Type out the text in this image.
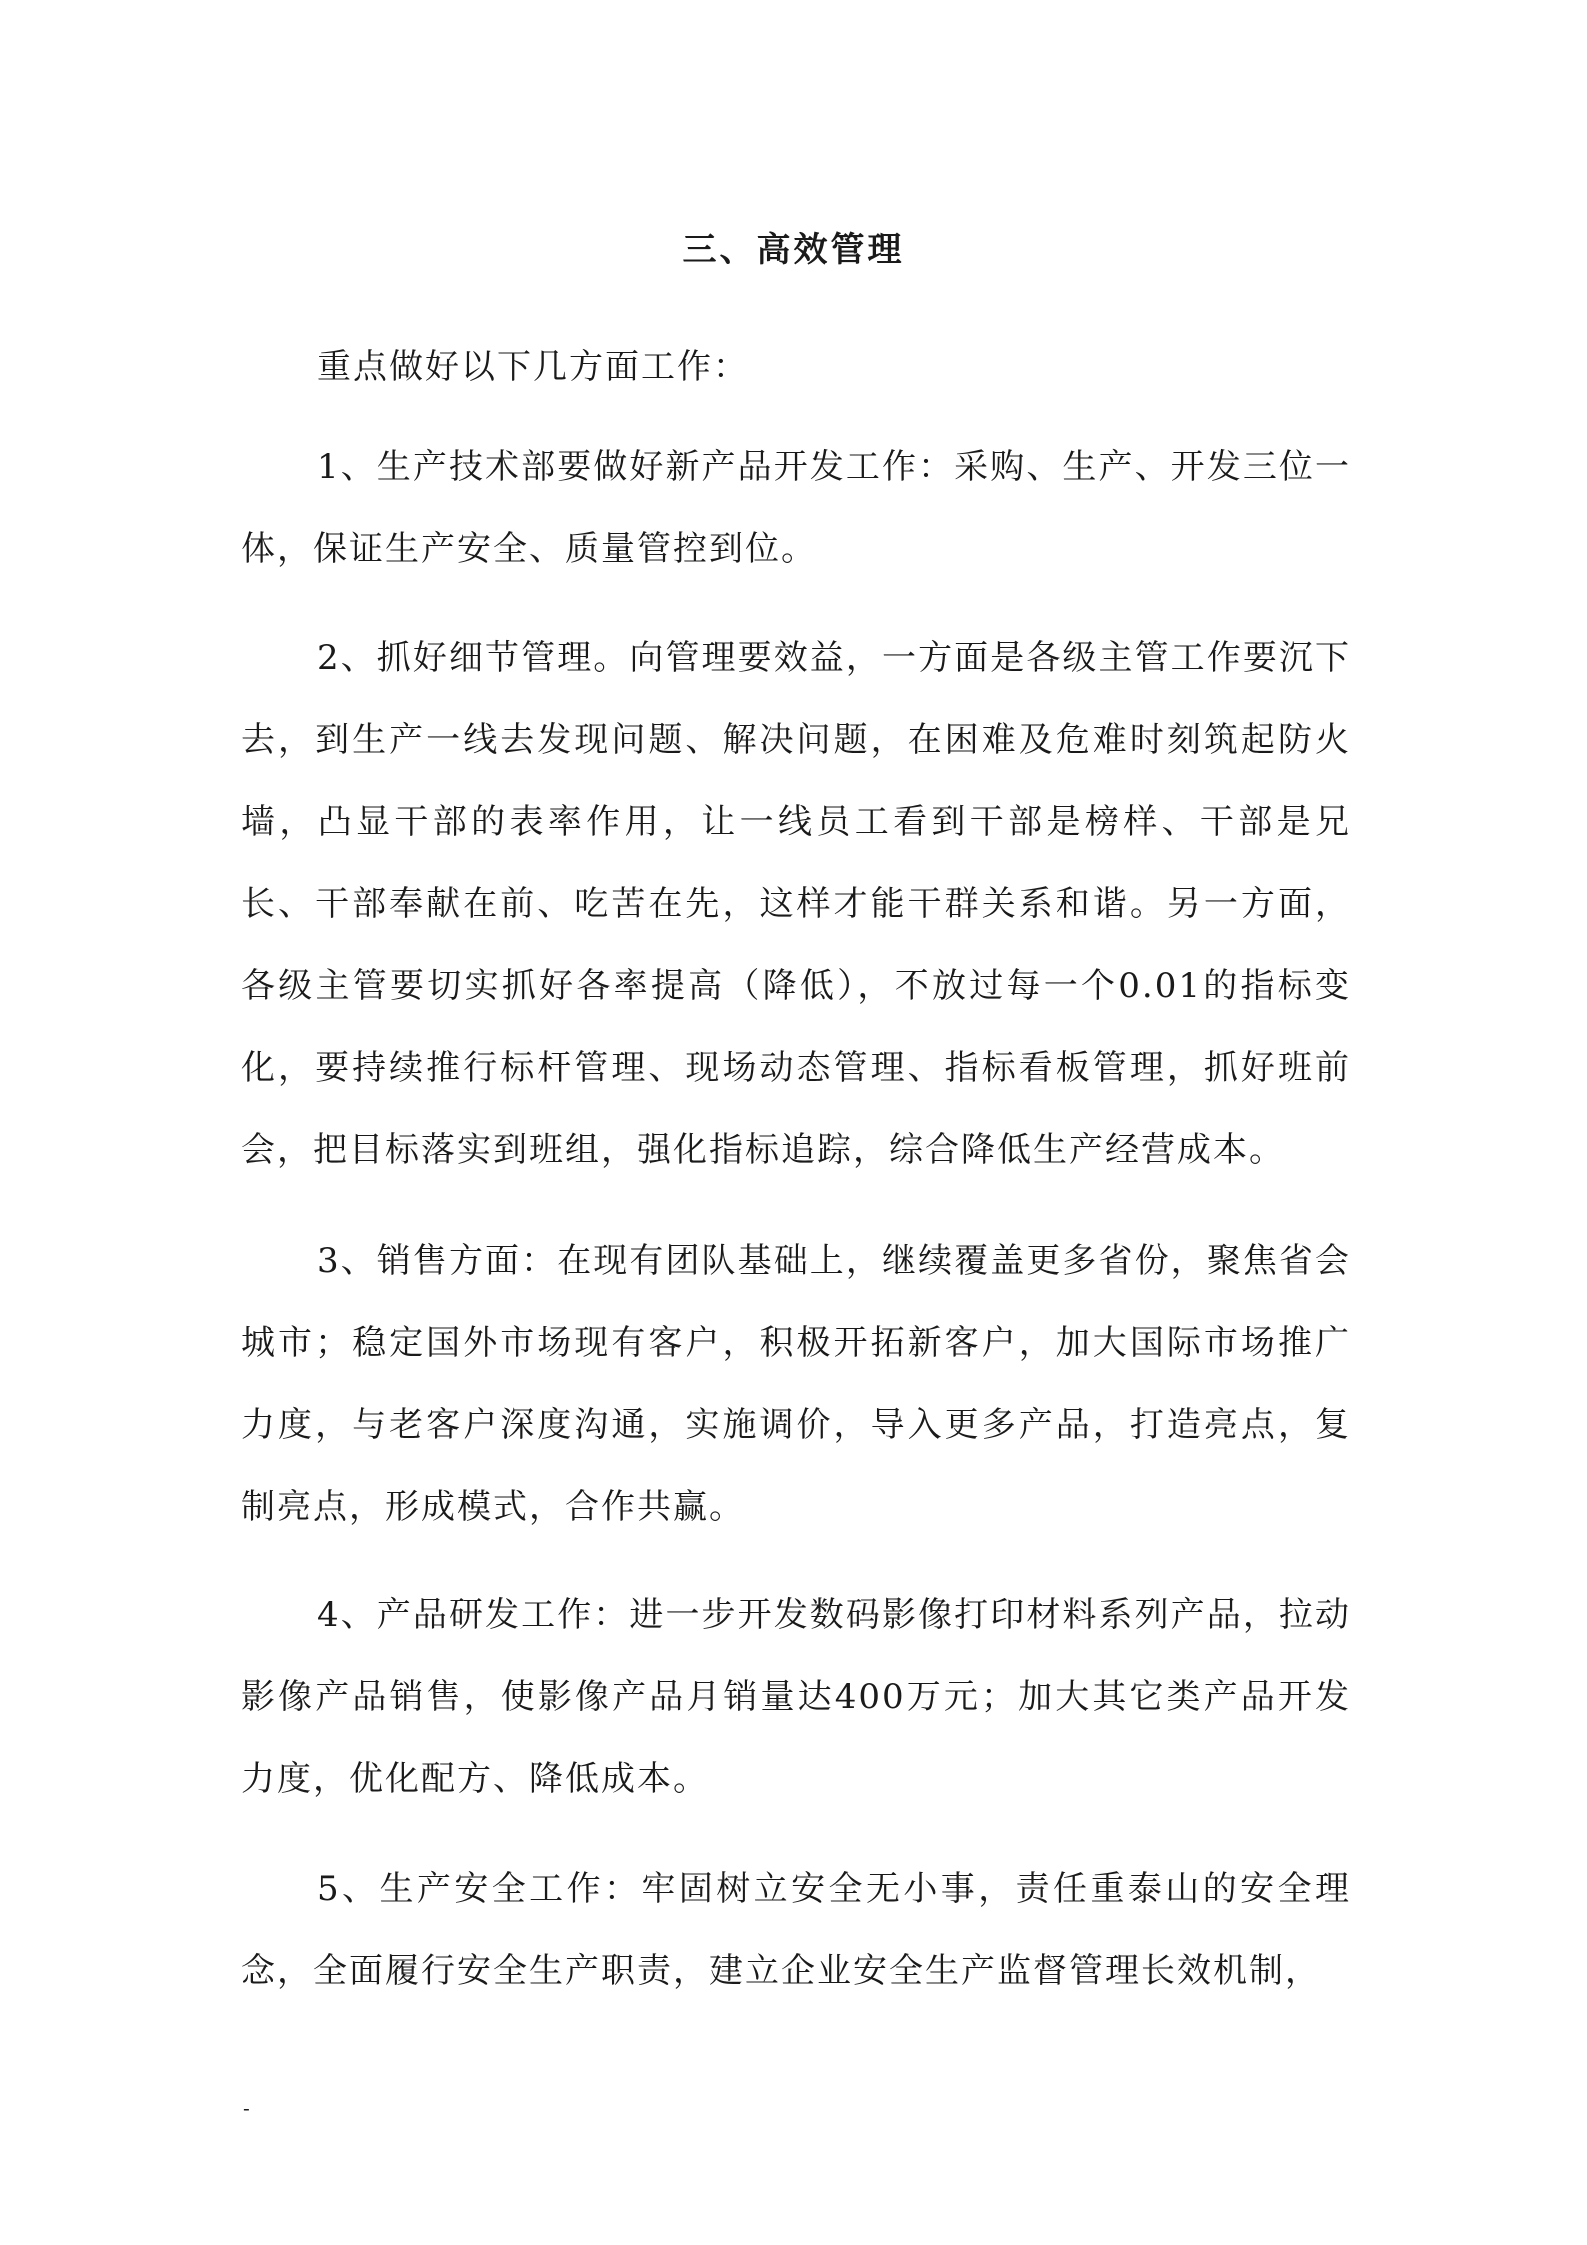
三、高效管理
重点做好以下几方面工作：
1、生产技术部要做好新产品开发工作：采购、生产、开发三位一体，保证生产安全、质量管控到位。
2、抓好细节管理。向管理要效益，一方面是各级主管工作要沉下去，到生产一线去发现问题、解决问题，在困难及危难时刻筑起防火墙，凸显干部的表率作用，让一线员工看到干部是榜样、干部是兄长、干部奉献在前、吃苦在先，这样才能干群关系和谐。另一方面，各级主管要切实抓好各率提高（降低），不放过每一个0.01的指标变化，要持续推行标杆管理、现场动态管理、指标看板管理，抓好班前会，把目标落实到班组，强化指标追踪，综合降低生产经营成本。
3、销售方面：在现有团队基础上，继续覆盖更多省份，聚焦省会城市；稳定国外市场现有客户，积极开拓新客户，加大国际市场推广力度，与老客户深度沟通，实施调价，导入更多产品，打造亮点，复制亮点，形成模式，合作共赢。
4、产品研发工作：进一步开发数码影像打印材料系列产品，拉动影像产品销售，使影像产品月销量达400万元；加大其它类产品开发力度，优化配方、降低成本。
5、生产安全工作：牢固树立安全无小事，责任重泰山的安全理念，全面履行安全生产职责，建立企业安全生产监督管理长效机制，
-
